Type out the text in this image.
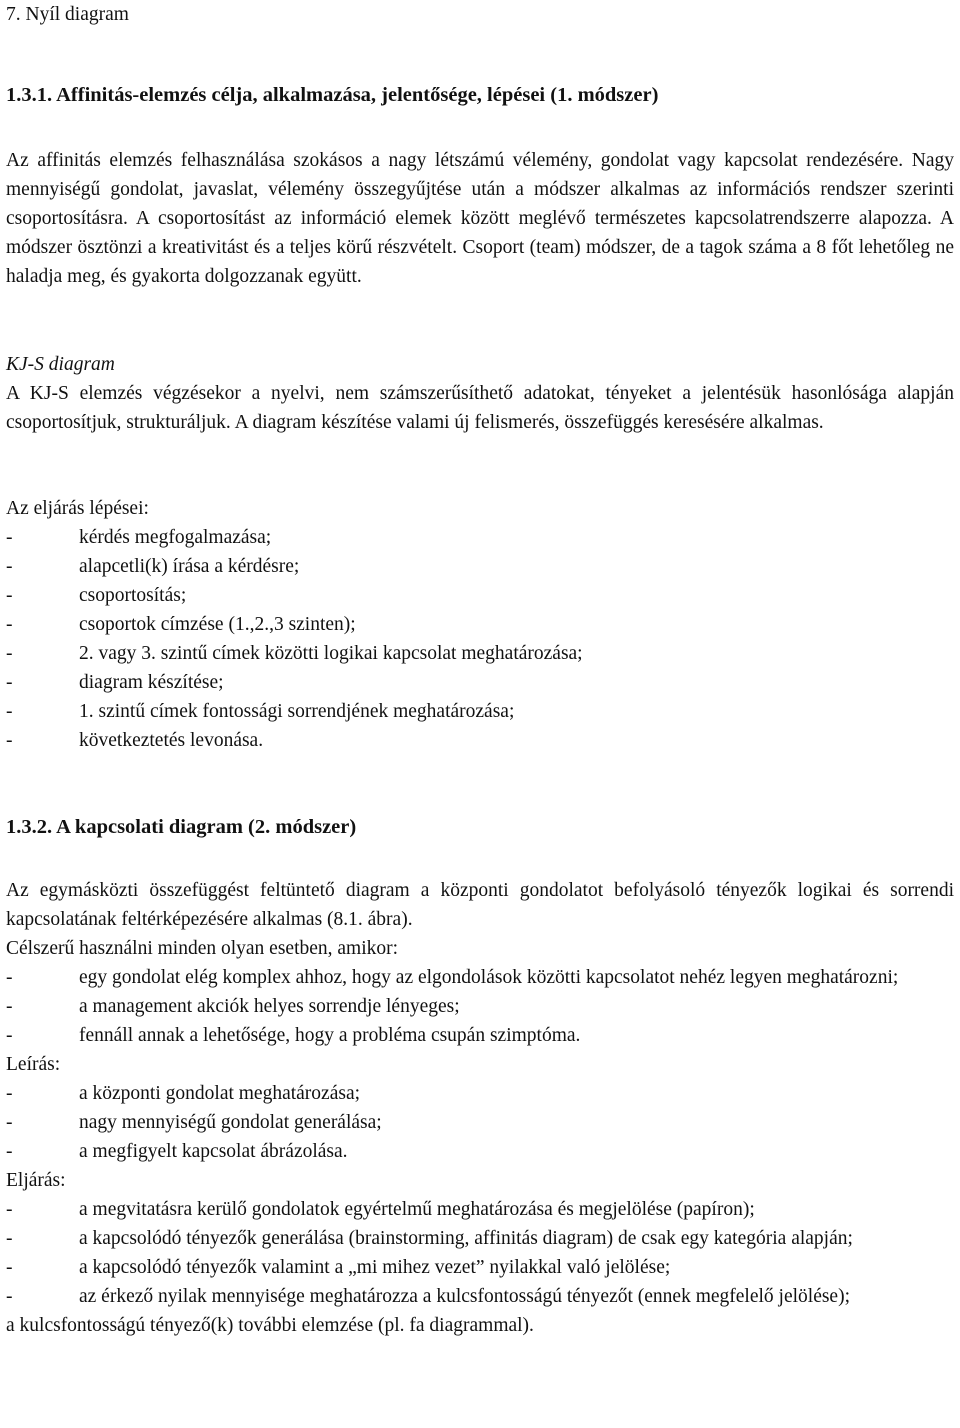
7. Nyíl diagram

1.3.1. Affinitás-elemzés célja, alkalmazása, jelentősége, lépései (1. módszer)

Az affinitás elemzés felhasználása szokásos a nagy létszámú vélemény, gondolat vagy kapcsolat rendezésére. Nagy mennyiségű gondolat, javaslat, vélemény összegyűjtése után a módszer alkalmas az információs rendszer szerinti csoportosításra. A csoportosítást az információ elemek között meglévő természetes kapcsolatrendszerre alapozza. A módszer ösztönzi a kreativitást és a teljes körű részvételt. Csoport (team) módszer, de a tagok száma a 8 főt lehetőleg ne haladja meg, és gyakorta dolgozzanak együtt.

KJ-S diagram

A KJ-S elemzés végzésekor a nyelvi, nem számszerűsíthető adatokat, tényeket a jelentésük hasonlósága alapján csoportosítjuk, strukturáljuk. A diagram készítése valami új felismerés, összefüggés keresésére alkalmas.

Az eljárás lépései:

-	kérdés megfogalmazása;
-	alapcetli(k) írása a kérdésre;
-	csoportosítás;
-	csoportok címzése (1.,2.,3 szinten);
-	2. vagy 3. szintű címek közötti logikai kapcsolat meghatározása;
-	diagram készítése;
-	1. szintű címek fontossági sorrendjének meghatározása;
-	következtetés levonása.

1.3.2. A kapcsolati diagram (2. módszer)

Az egymásközti összefüggést feltüntető diagram a központi gondolatot befolyásoló tényezők logikai és sorrendi kapcsolatának feltérképezésére alkalmas (8.1. ábra).

Célszerű használni minden olyan esetben, amikor:

-	egy gondolat elég komplex ahhoz, hogy az elgondolások közötti kapcsolatot nehéz legyen meghatározni;
-	a management akciók helyes sorrendje lényeges;
-	fennáll annak a lehetősége, hogy a probléma csupán szimptóma.

Leírás:

-	a központi gondolat meghatározása;
-	nagy mennyiségű gondolat generálása;
-	a megfigyelt kapcsolat ábrázolása.

Eljárás:

-	a megvitatásra kerülő gondolatok egyértelmű meghatározása és megjelölése (papíron);
-	a kapcsolódó tényezők generálása (brainstorming, affinitás diagram) de csak egy kategória alapján;
-	a kapcsolódó tényezők valamint a „mi mihez vezet” nyilakkal való jelölése;
-	az érkező nyilak mennyisége meghatározza a kulcsfontosságú tényezőt (ennek megfelelő jelölése);

a kulcsfontosságú tényező(k) további elemzése (pl. fa diagrammal).
